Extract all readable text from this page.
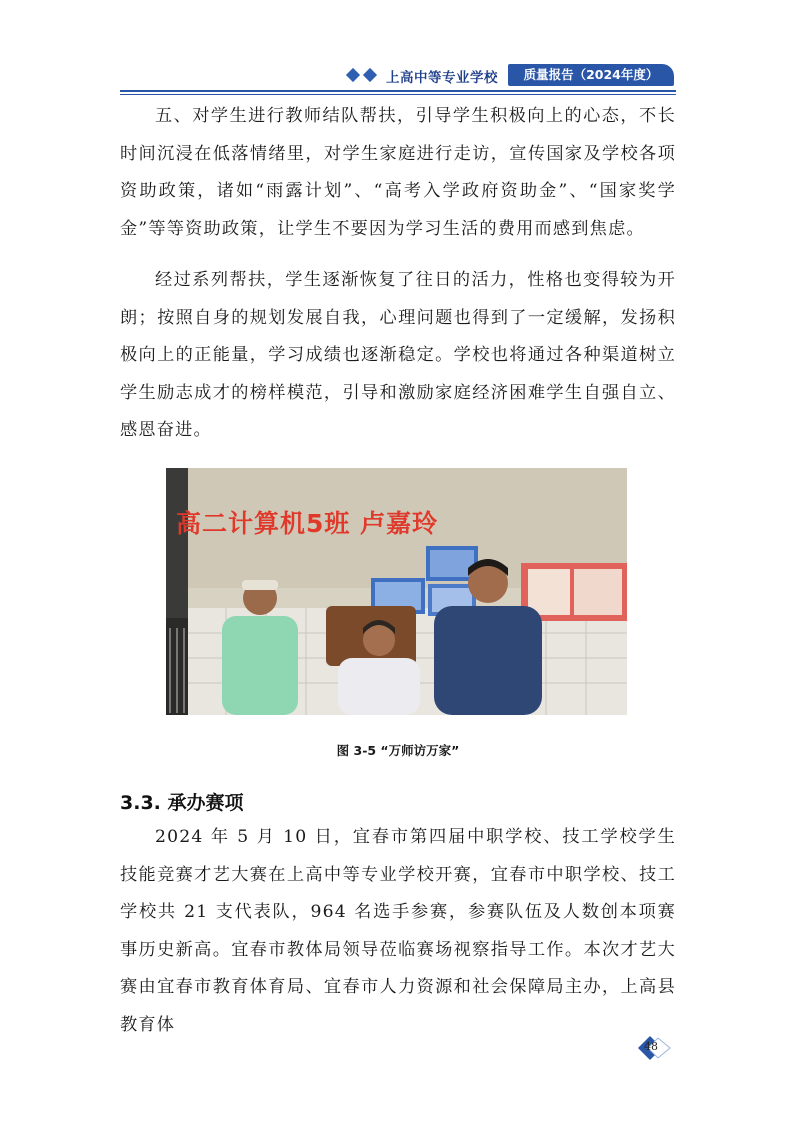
上高中等专业学校	质量报告（2024年度）

五、对学生进行教师结队帮扶，引导学生积极向上的心态，不长时间沉浸在低落情绪里，对学生家庭进行走访，宣传国家及学校各项资助政策，诸如“雨露计划”、“高考入学政府资助金”、“国家奖学金”等等资助政策，让学生不要因为学习生活的费用而感到焦虑。

经过系列帮扶，学生逐渐恢复了往日的活力，性格也变得较为开朗；按照自身的规划发展自我，心理问题也得到了一定缓解，发扬积极向上的正能量，学习成绩也逐渐稳定。学校也将通过各种渠道树立学生励志成才的榜样模范，引导和激励家庭经济困难学生自强自立、感恩奋进。

高二计算机5班 卢嘉玲
图 3-5 “万师访万家”
3.3. 承办赛项

2024 年 5 月 10 日，宜春市第四届中职学校、技工学校学生技能竞赛才艺大赛在上高中等专业学校开赛，宜春市中职学校、技工学校共 21 支代表队，964 名选手参赛，参赛队伍及人数创本项赛事历史新高。宜春市教体局领导莅临赛场视察指导工作。本次才艺大赛由宜春市教育体育局、宜春市人力资源和社会保障局主办，上高县教育体

48
